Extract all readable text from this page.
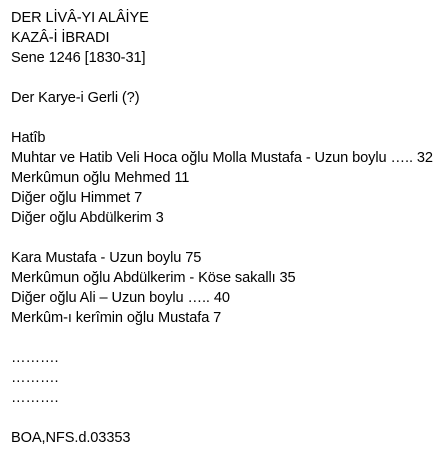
DER LİVÂ-YI ALÂİYE
KAZÂ-İ İBRADI
Sene 1246 [1830-31]
Der Karye-i Gerli (?)
Hatîb
Muhtar ve Hatib Veli Hoca oğlu Molla Mustafa - Uzun boylu ….. 32
Merkûmun oğlu Mehmed 11
Diğer oğlu Himmet 7
Diğer oğlu Abdülkerim 3
Kara Mustafa - Uzun boylu 75
Merkûmun oğlu Abdülkerim - Köse sakallı 35
Diğer oğlu Ali – Uzun boylu ….. 40
Merkûm-ı kerîmin oğlu Mustafa 7
……….
……….
……….
BOA,NFS.d.03353
